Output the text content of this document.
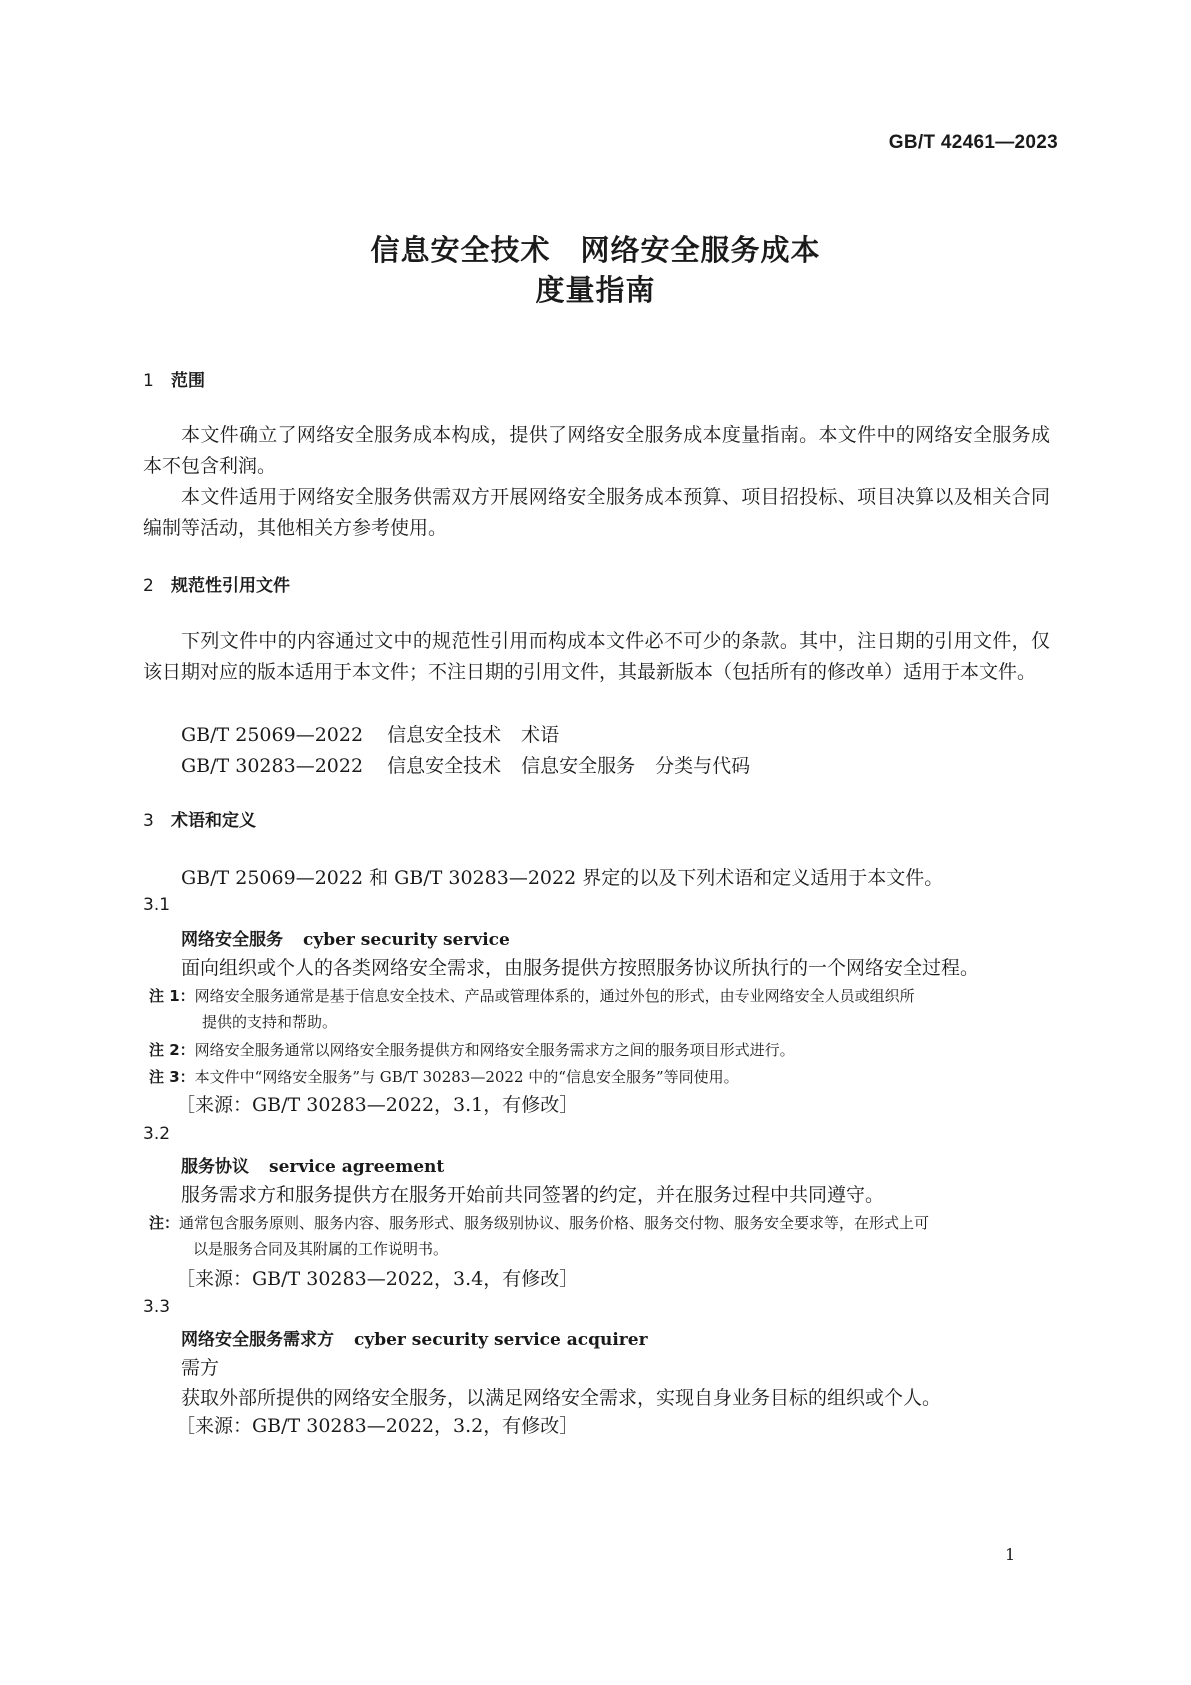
GB/T 42461—2023
信息安全技术 网络安全服务成本
度量指南
1 范围

本文件确立了网络安全服务成本构成，提供了网络安全服务成本度量指南。本文件中的网络安全服务成本不包含利润。

本文件适用于网络安全服务供需双方开展网络安全服务成本预算、项目招投标、项目决算以及相关合同编制等活动，其他相关方参考使用。

2 规范性引用文件

下列文件中的内容通过文中的规范性引用而构成本文件必不可少的条款。其中，注日期的引用文件，仅该日期对应的版本适用于本文件；不注日期的引用文件，其最新版本（包括所有的修改单）适用于本文件。

GB/T 25069—2022 信息安全技术 术语
GB/T 30283—2022 信息安全技术 信息安全服务 分类与代码
3 术语和定义
GB/T 25069—2022 和 GB/T 30283—2022 界定的以及下列术语和定义适用于本文件。
3.1
网络安全服务 cyber security service
面向组织或个人的各类网络安全需求，由服务提供方按照服务协议所执行的一个网络安全过程。

注 1：网络安全服务通常是基于信息安全技术、产品或管理体系的，通过外包的形式，由专业网络安全人员或组织所
提供的支持和帮助。

注 2：网络安全服务通常以网络安全服务提供方和网络安全服务需求方之间的服务项目形式进行。

注 3：本文件中“网络安全服务”与 GB/T 30283—2022 中的“信息安全服务”等同使用。

［来源：GB/T 30283—2022，3.1，有修改］
3.2
服务协议 service agreement
服务需求方和服务提供方在服务开始前共同签署的约定，并在服务过程中共同遵守。

注：通常包含服务原则、服务内容、服务形式、服务级别协议、服务价格、服务交付物、服务安全要求等，在形式上可
以是服务合同及其附属的工作说明书。

［来源：GB/T 30283—2022，3.4，有修改］
3.3
网络安全服务需求方 cyber security service acquirer
需方
获取外部所提供的网络安全服务，以满足网络安全需求，实现自身业务目标的组织或个人。
［来源：GB/T 30283—2022，3.2，有修改］
1
